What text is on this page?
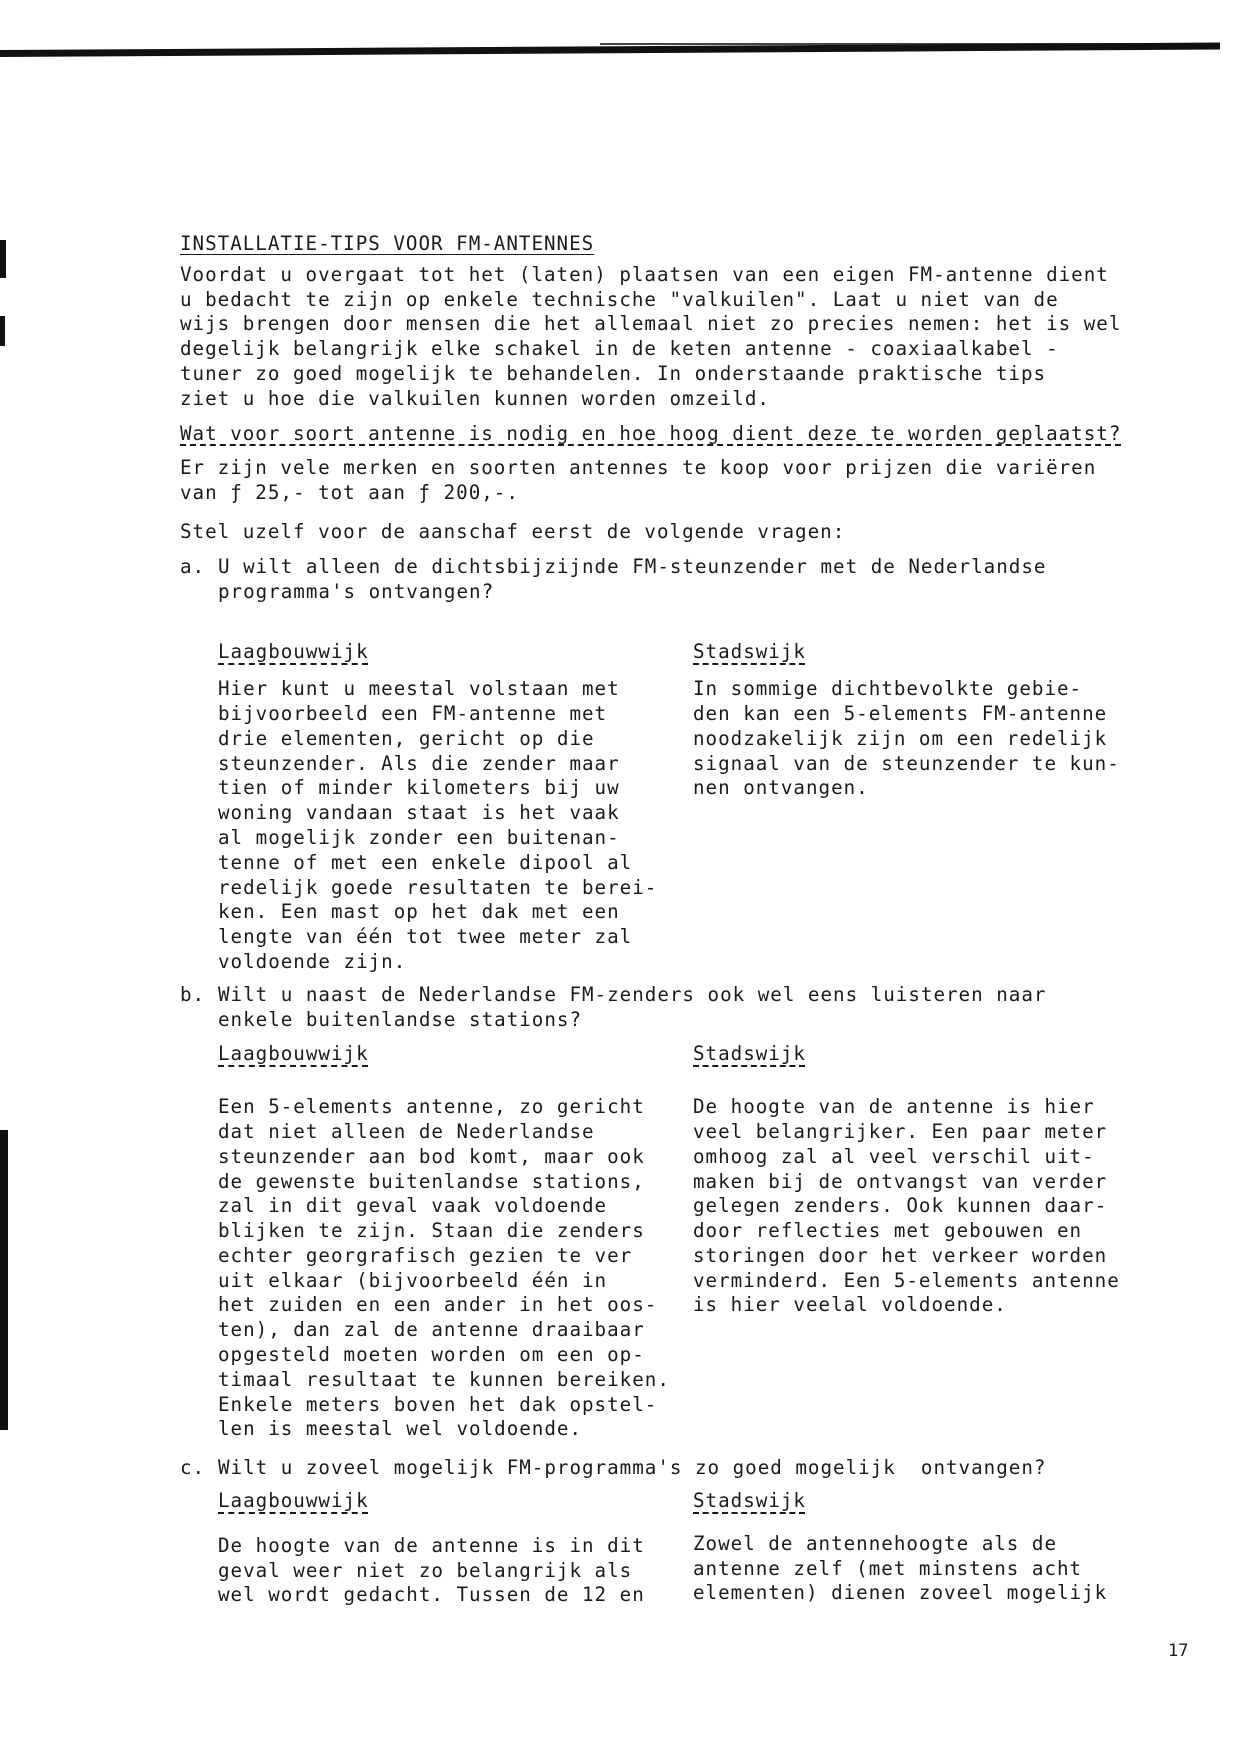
INSTALLATIE-TIPS VOOR FM-ANTENNES
Voordat u overgaat tot het (laten) plaatsen van een eigen FM-antenne dient
u bedacht te zijn op enkele technische "valkuilen". Laat u niet van de
wijs brengen door mensen die het allemaal niet zo precies nemen: het is wel
degelijk belangrijk elke schakel in de keten antenne - coaxiaalkabel -
tuner zo goed mogelijk te behandelen. In onderstaande praktische tips
ziet u hoe die valkuilen kunnen worden omzeild.
Wat voor soort antenne is nodig en hoe hoog dient deze te worden geplaatst?
Er zijn vele merken en soorten antennes te koop voor prijzen die variëren
van ƒ 25,- tot aan ƒ 200,-.
Stel uzelf voor de aanschaf eerst de volgende vragen:
a. U wilt alleen de dichtsbijzijnde FM-steunzender met de Nederlandse
programma's ontvangen?
Laagbouwwijk
Hier kunt u meestal volstaan met
bijvoorbeeld een FM-antenne met
drie elementen, gericht op die
steunzender. Als die zender maar
tien of minder kilometers bij uw
woning vandaan staat is het vaak
al mogelijk zonder een buitenan-
tenne of met een enkele dipool al
redelijk goede resultaten te berei-
ken. Een mast op het dak met een
lengte van één tot twee meter zal
voldoende zijn.
Stadswijk
In sommige dichtbevolkte gebie-
den kan een 5-elements FM-antenne
noodzakelijk zijn om een redelijk
signaal van de steunzender te kun-
nen ontvangen.
b. Wilt u naast de Nederlandse FM-zenders ook wel eens luisteren naar
enkele buitenlandse stations?
Laagbouwwijk
Een 5-elements antenne, zo gericht
dat niet alleen de Nederlandse
steunzender aan bod komt, maar ook
de gewenste buitenlandse stations,
zal in dit geval vaak voldoende
blijken te zijn. Staan die zenders
echter georgrafisch gezien te ver
uit elkaar (bijvoorbeeld één in
het zuiden en een ander in het oos-
ten), dan zal de antenne draaibaar
opgesteld moeten worden om een op-
timaal resultaat te kunnen bereiken.
Enkele meters boven het dak opstel-
len is meestal wel voldoende.
Stadswijk
De hoogte van de antenne is hier
veel belangrijker. Een paar meter
omhoog zal al veel verschil uit-
maken bij de ontvangst van verder
gelegen zenders. Ook kunnen daar-
door reflecties met gebouwen en
storingen door het verkeer worden
verminderd. Een 5-elements antenne
is hier veelal voldoende.
c. Wilt u zoveel mogelijk FM-programma's zo goed mogelijk  ontvangen?
Laagbouwwijk
De hoogte van de antenne is in dit
geval weer niet zo belangrijk als
wel wordt gedacht. Tussen de 12 en
Stadswijk
Zowel de antennehoogte als de
antenne zelf (met minstens acht
elementen) dienen zoveel mogelijk
17
